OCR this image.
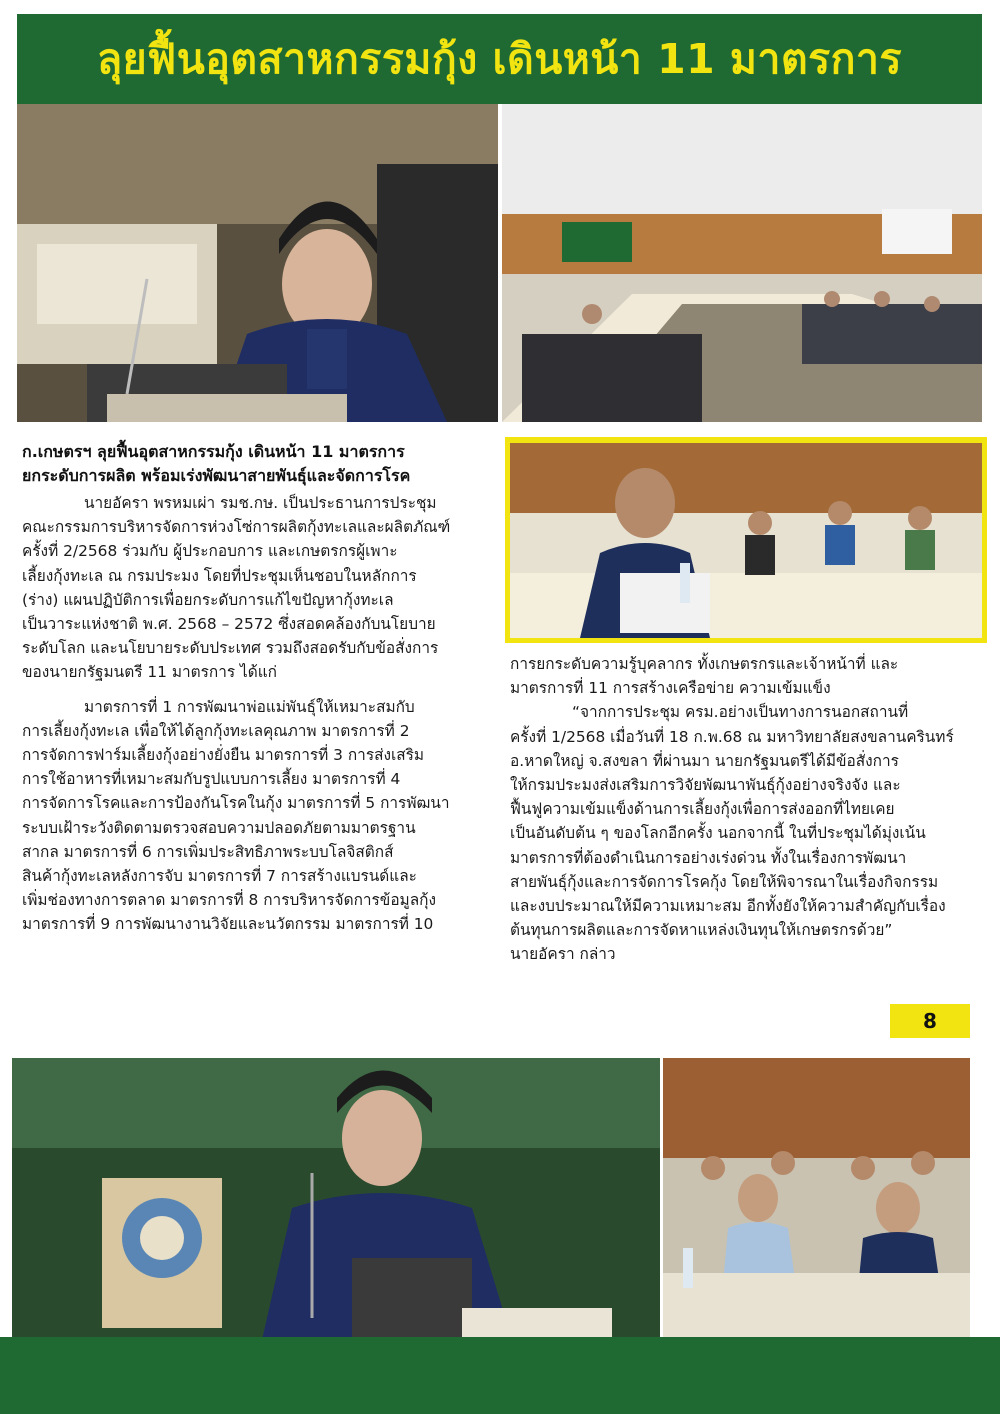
ลุยฟื้นอุตสาหกรรมกุ้ง เดินหน้า 11 มาตรการ
ก.เกษตรฯ ลุยฟื้นอุตสาหกรรมกุ้ง เดินหน้า 11 มาตรการ
ยกระดับการผลิต พร้อมเร่งพัฒนาสายพันธุ์และจัดการโรค
นายอัครา พรหมเผ่า รมช.กษ. เป็นประธานการประชุม
คณะกรรมการบริหารจัดการห่วงโซ่การผลิตกุ้งทะเลและผลิตภัณฑ์
ครั้งที่ 2/2568 ร่วมกับ ผู้ประกอบการ และเกษตรกรผู้เพาะ
เลี้ยงกุ้งทะเล ณ กรมประมง โดยที่ประชุมเห็นชอบในหลักการ
(ร่าง) แผนปฏิบัติการเพื่อยกระดับการแก้ไขปัญหากุ้งทะเล
เป็นวาระแห่งชาติ พ.ศ. 2568 – 2572 ซึ่งสอดคล้องกับนโยบาย
ระดับโลก และนโยบายระดับประเทศ รวมถึงสอดรับกับข้อสั่งการ
ของนายกรัฐมนตรี 11 มาตรการ ได้แก่
มาตรการที่ 1 การพัฒนาพ่อแม่พันธุ์ให้เหมาะสมกับ
การเลี้ยงกุ้งทะเล เพื่อให้ได้ลูกกุ้งทะเลคุณภาพ มาตรการที่ 2
การจัดการฟาร์มเลี้ยงกุ้งอย่างยั่งยืน มาตรการที่ 3 การส่งเสริม
การใช้อาหารที่เหมาะสมกับรูปแบบการเลี้ยง มาตรการที่ 4
การจัดการโรคและการป้องกันโรคในกุ้ง มาตรการที่ 5 การพัฒนา
ระบบเฝ้าระวังติดตามตรวจสอบความปลอดภัยตามมาตรฐาน
สากล มาตรการที่ 6 การเพิ่มประสิทธิภาพระบบโลจิสติกส์
สินค้ากุ้งทะเลหลังการจับ มาตรการที่ 7 การสร้างแบรนด์และ
เพิ่มช่องทางการตลาด มาตรการที่ 8 การบริหารจัดการข้อมูลกุ้ง
มาตรการที่ 9 การพัฒนางานวิจัยและนวัตกรรม มาตรการที่ 10
การยกระดับความรู้บุคลากร ทั้งเกษตรกรและเจ้าหน้าที่ และ
มาตรการที่ 11 การสร้างเครือข่าย ความเข้มแข็ง
“จากการประชุม ครม.อย่างเป็นทางการนอกสถานที่
ครั้งที่ 1/2568 เมื่อวันที่ 18 ก.พ.68 ณ มหาวิทยาลัยสงขลานครินทร์
อ.หาดใหญ่ จ.สงขลา ที่ผ่านมา นายกรัฐมนตรีได้มีข้อสั่งการ
ให้กรมประมงส่งเสริมการวิจัยพัฒนาพันธุ์กุ้งอย่างจริงจัง และ
ฟื้นฟูความเข้มแข็งด้านการเลี้ยงกุ้งเพื่อการส่งออกที่ไทยเคย
เป็นอันดับต้น ๆ ของโลกอีกครั้ง นอกจากนี้ ในที่ประชุมได้มุ่งเน้น
มาตรการที่ต้องดำเนินการอย่างเร่งด่วน ทั้งในเรื่องการพัฒนา
สายพันธุ์กุ้งและการจัดการโรคกุ้ง โดยให้พิจารณาในเรื่องกิจกรรม
และงบประมาณให้มีความเหมาะสม อีกทั้งยังให้ความสำคัญกับเรื่อง
ต้นทุนการผลิตและการจัดหาแหล่งเงินทุนให้เกษตรกรด้วย”
นายอัครา กล่าว
8
